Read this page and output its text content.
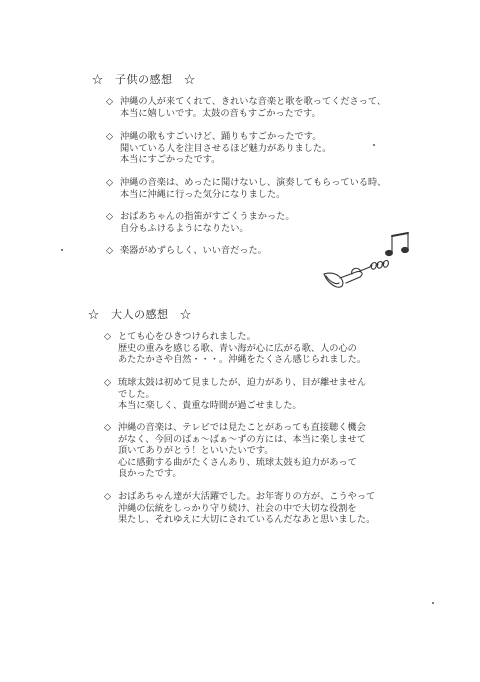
☆　子供の感想　☆
◇ 沖縄の人が来てくれて、きれいな音楽と歌を歌ってくださって、
本当に嬉しいです。太鼓の音もすごかったです。
◇ 沖縄の歌もすごいけど、踊りもすごかったです。
聞いている人を注目させるほど魅力がありました。
本当にすごかったです。
◇ 沖縄の音楽は、めったに聞けないし、演奏してもらっている時、
本当に沖縄に行った気分になりました。
◇ おばあちゃんの指笛がすごくうまかった。
自分もふけるようになりたい。
◇ 楽器がめずらしく、いい音だった。
☆　大人の感想　☆
◇ とても心をひきつけられました。
歴史の重みを感じる歌、青い海が心に広がる歌、人の心の
あたたかさや自然・・・。沖縄をたくさん感じられました。
◇ 琉球太鼓は初めて見ましたが、迫力があり、目が離せません
でした。
本当に楽しく、貴重な時間が過ごせました。
◇ 沖縄の音楽は、テレビでは見たことがあっても直接聴く機会
がなく、今回のばぁ～ばぁ～ずの方には、本当に楽しませて
頂いてありがとう！といいたいです。
心に感動する曲がたくさんあり、琉球太鼓も迫力があって
良かったです。
◇ おばあちゃん達が大活躍でした。お年寄りの方が、こうやって
沖縄の伝統をしっかり守り続け、社会の中で大切な役割を
果たし、それゆえに大切にされているんだなあと思いました。
